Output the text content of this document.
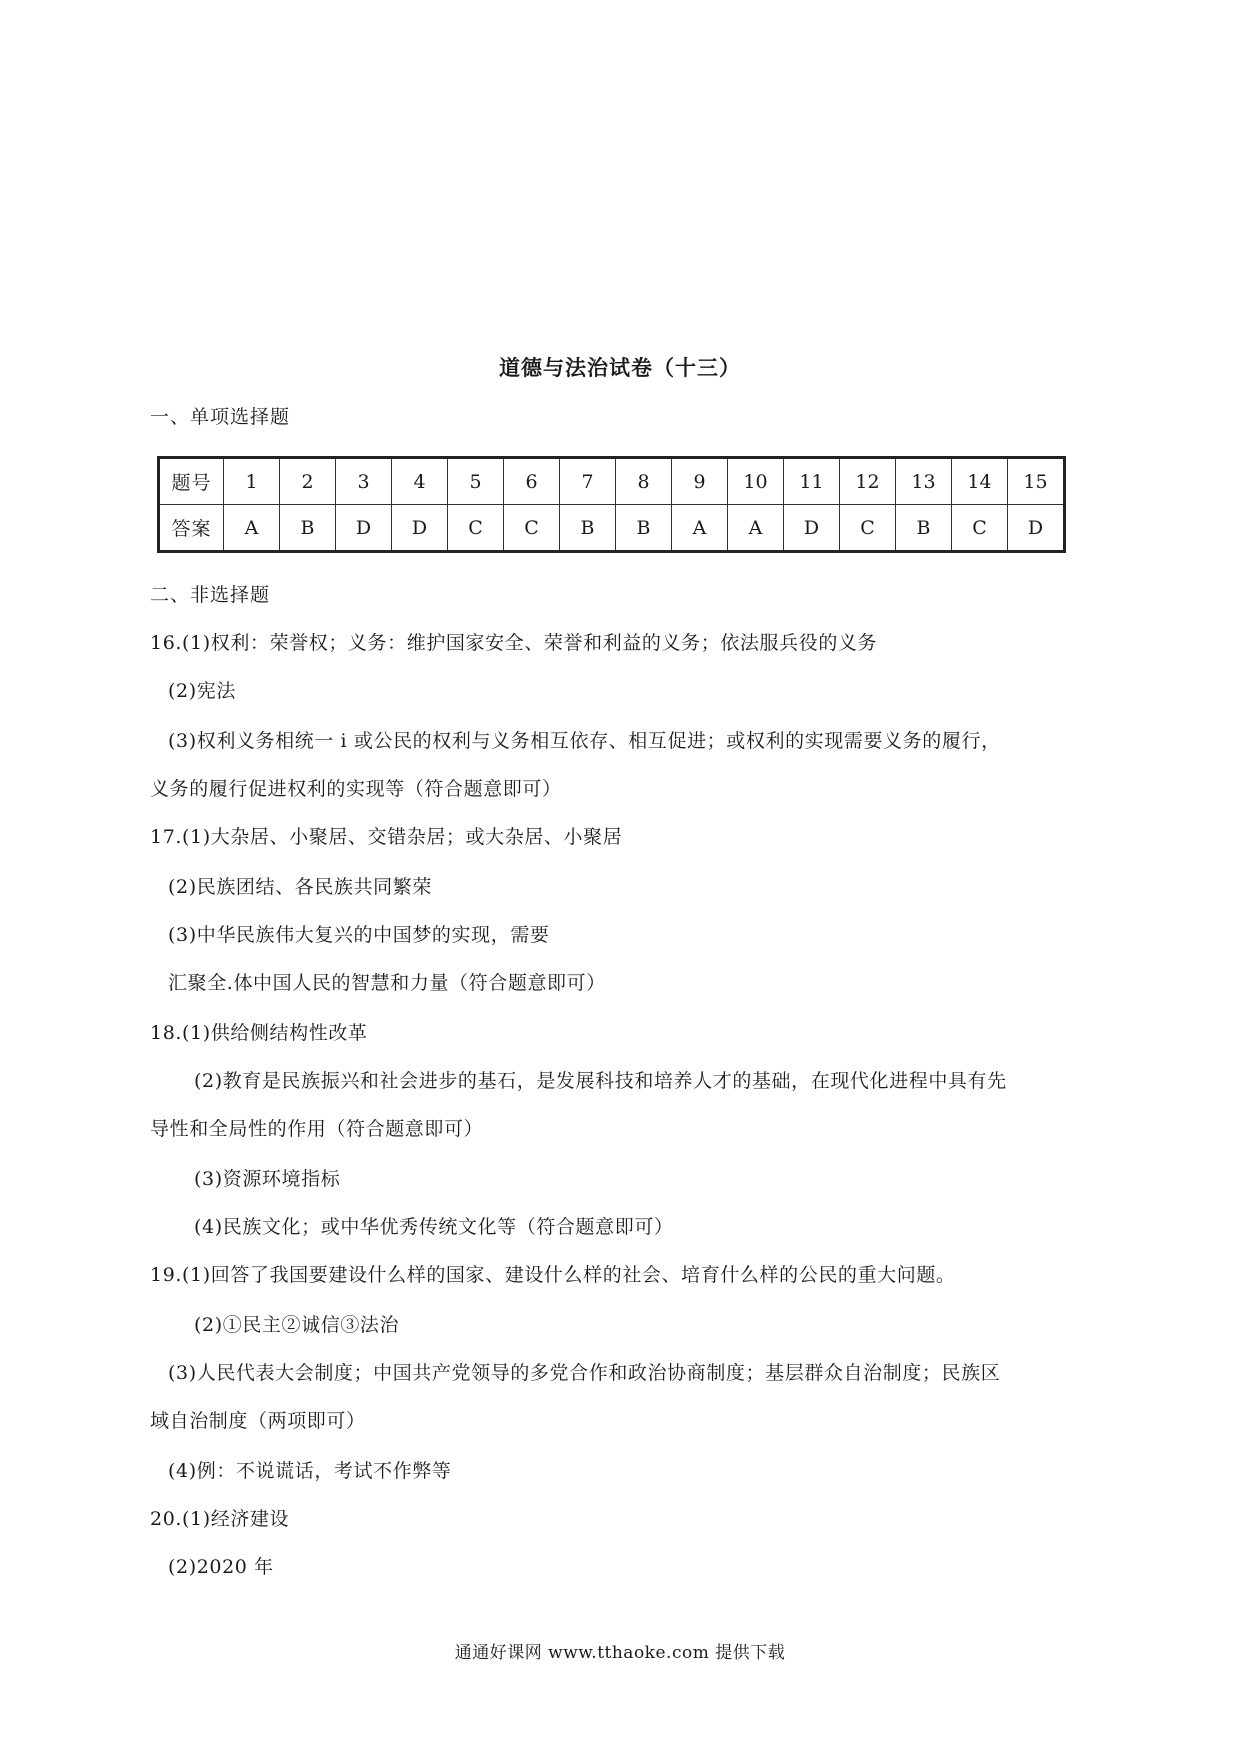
道德与法治试卷（十三）
一、单项选择题
题号	1	2	3	4	5	6	7	8	9	10	11	12	13	14	15
答案	A	B	D	D	C	C	B	B	A	A	D	C	B	C	D
二、非选择题
16.(1)权利：荣誉权；义务：维护国家安全、荣誉和利益的义务；依法服兵役的义务
(2)宪法
(3)权利义务相统一 i 或公民的权利与义务相互依存、相互促进；或权利的实现需要义务的履行，
义务的履行促进权利的实现等（符合题意即可）
17.(1)大杂居、小聚居、交错杂居；或大杂居、小聚居
(2)民族团结、各民族共同繁荣
(3)中华民族伟大复兴的中国梦的实现，需要
汇聚全.体中国人民的智慧和力量（符合题意即可）
18.(1)供给侧结构性改革
(2)教育是民族振兴和社会进步的基石，是发展科技和培养人才的基础，在现代化进程中具有先
导性和全局性的作用（符合题意即可）
(3)资源环境指标
(4)民族文化；或中华优秀传统文化等（符合题意即可）
19.(1)回答了我国要建设什么样的国家、建设什么样的社会、培育什么样的公民的重大问题。
(2)①民主②诚信③法治
(3)人民代表大会制度；中国共产党领导的多党合作和政治协商制度；基层群众自治制度；民族区
域自治制度（两项即可）
(4)例：不说谎话，考试不作弊等
20.(1)经济建设
(2)2020 年
通通好课网 www.tthaoke.com 提供下载
